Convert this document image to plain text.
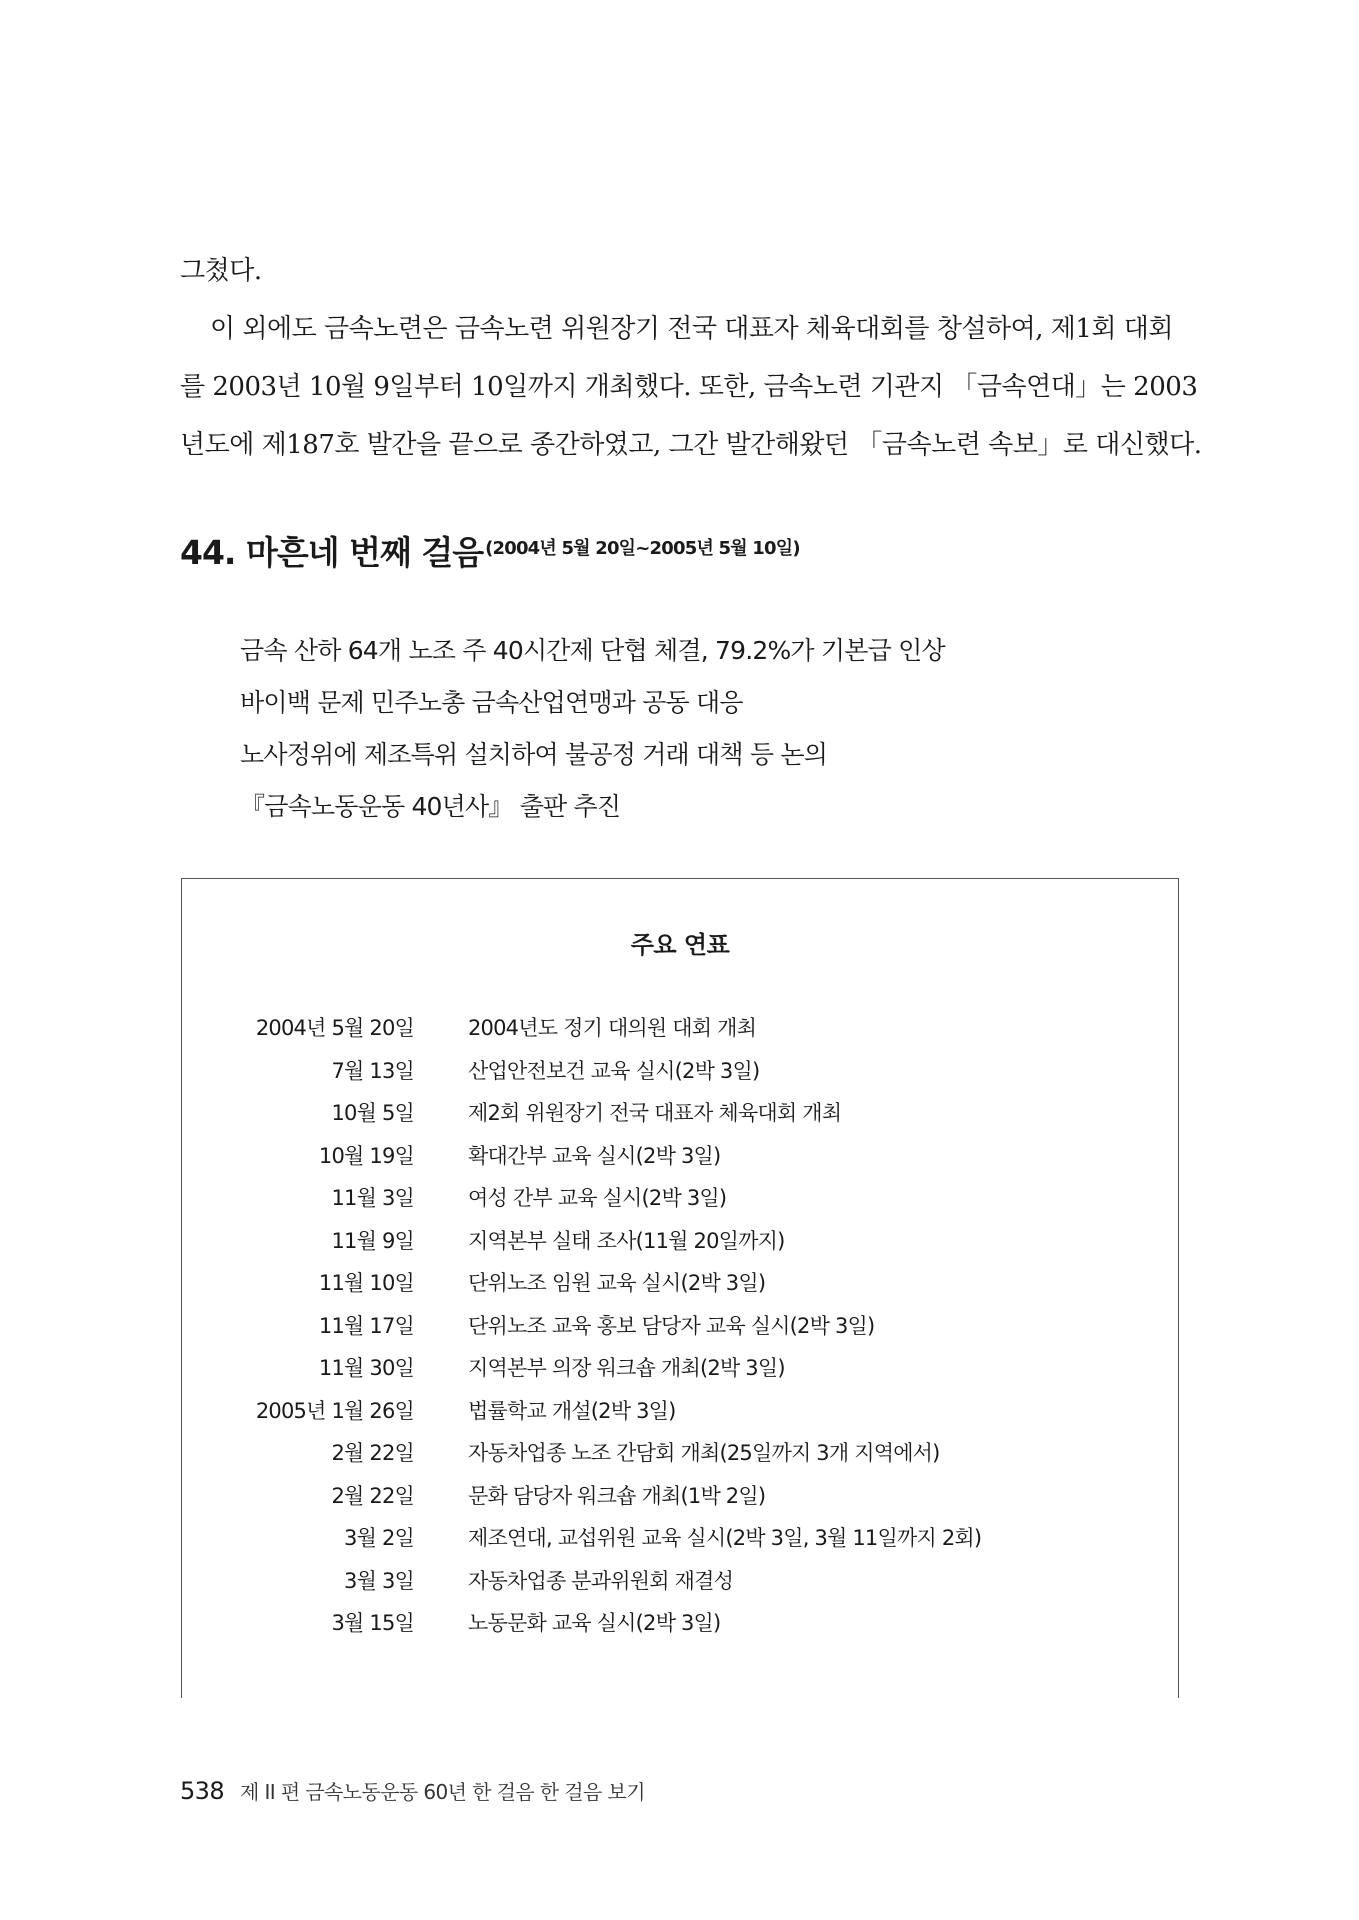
그쳤다.
이 외에도 금속노련은 금속노련 위원장기 전국 대표자 체육대회를 창설하여, 제1회 대회
를 2003년 10월 9일부터 10일까지 개최했다. 또한, 금속노련 기관지 「금속연대」는 2003
년도에 제187호 발간을 끝으로 종간하였고, 그간 발간해왔던 「금속노련 속보」로 대신했다.
44. 마흔네 번째 걸음 (2004년 5월 20일~2005년 5월 10일)
금속 산하 64개 노조 주 40시간제 단협 체결, 79.2%가 기본급 인상
바이백 문제 민주노총 금속산업연맹과 공동 대응
노사정위에 제조특위 설치하여 불공정 거래 대책 등 논의
『금속노동운동 40년사』 출판 추진
주요 연표
2004년 5월 20일	2004년도 정기 대의원 대회 개최
7월 13일	산업안전보건 교육 실시(2박 3일)
10월 5일	제2회 위원장기 전국 대표자 체육대회 개최
10월 19일	확대간부 교육 실시(2박 3일)
11월 3일	여성 간부 교육 실시(2박 3일)
11월 9일	지역본부 실태 조사(11월 20일까지)
11월 10일	단위노조 임원 교육 실시(2박 3일)
11월 17일	단위노조 교육 홍보 담당자 교육 실시(2박 3일)
11월 30일	지역본부 의장 워크숍 개최(2박 3일)
2005년 1월 26일	법률학교 개설(2박 3일)
2월 22일	자동차업종 노조 간담회 개최(25일까지 3개 지역에서)
2월 22일	문화 담당자 워크숍 개최(1박 2일)
3월 2일	제조연대, 교섭위원 교육 실시(2박 3일, 3월 11일까지 2회)
3월 3일	자동차업종 분과위원회 재결성
3월 15일	노동문화 교육 실시(2박 3일)
538 제 II 편 금속노동운동 60년 한 걸음 한 걸음 보기
